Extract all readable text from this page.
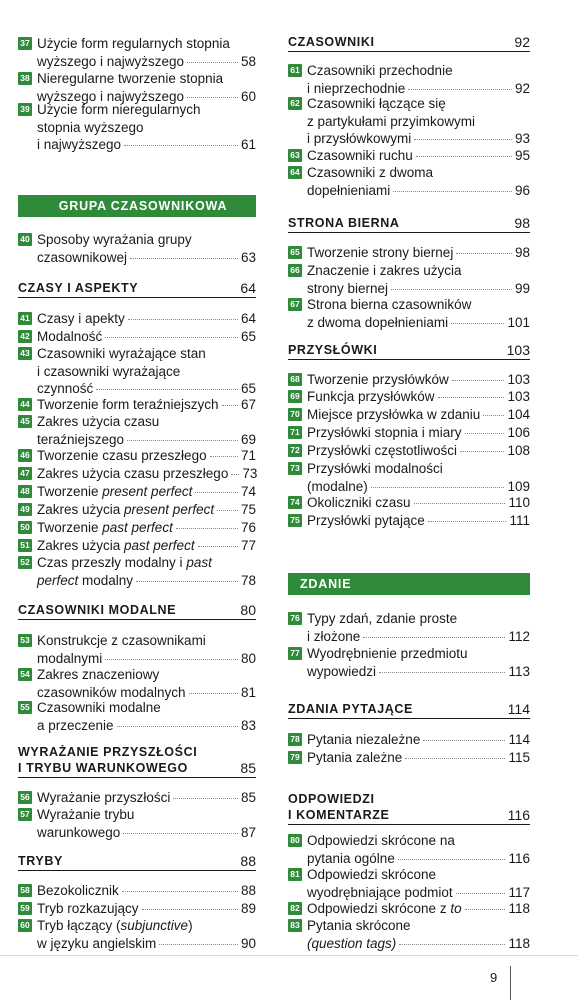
37 Użycie form regularnych stopnia
wyższego i najwyższego	58
38 Nieregularne tworzenie stopnia
wyższego i najwyższego	60
39 Użycie form nieregularnych
stopnia wyższego
i najwyższego	61
GRUPA CZASOWNIKOWA
40 Sposoby wyrażania grupy
czasownikowej	63
CZASY I ASPEKTY	64
41 Czasy i apekty	64
42 Modalność	65
43 Czasowniki wyrażające stan
i czasowniki wyrażające
czynność	65
44 Tworzenie form teraźniejszych 67
45 Zakres użycia czasu
teraźniejszego	69
46 Tworzenie czasu przeszłego	71
47 Zakres użycia czasu przeszłego 73
48 Tworzenie present perfect	74
49 Zakres użycia present perfect 75
50 Tworzenie past perfect	76
51 Zakres użycia past perfect	77
52 Czas przeszły modalny i past
perfect modalny	78
CZASOWNIKI MODALNE	80
53 Konstrukcje z czasownikami
modalnymi	80
54 Zakres znaczeniowy
czasowników modalnych	81
55 Czasowniki modalne
a przeczenie	83
WYRAŻANIE PRZYSZŁOŚCI
I TRYBU WARUNKOWEGO	85
56 Wyrażanie przyszłości	85
57 Wyrażanie trybu
warunkowego	87
TRYBY	88
58 Bezokolicznik	88
59 Tryb rozkazujący	89
60 Tryb łączący (subjunctive)
w języku angielskim	90
CZASOWNIKI	92
61 Czasowniki przechodnie
i nieprzechodnie	92
62 Czasowniki łączące się
z partykułami przyimkowymi
i przysłówkowymi	93
63 Czasowniki ruchu	95
64 Czasowniki z dwoma
dopełnieniami	96
STRONA BIERNA	98
65 Tworzenie strony biernej	98
66 Znaczenie i zakres użycia
strony biernej	99
67 Strona bierna czasowników
z dwoma dopełnieniami	101
PRZYSŁÓWKI	103
68 Tworzenie przysłówków	103
69 Funkcja przysłówków	103
70 Miejsce przysłówka w zdaniu 104
71 Przysłówki stopnia i miary	106
72 Przysłówki częstotliwości	108
73 Przysłówki modalności
(modalne)	109
74 Okoliczniki czasu	110
75 Przysłówki pytające	111
ZDANIE
76 Typy zdań, zdanie proste
i złożone	112
77 Wyodrębnienie przedmiotu
wypowiedzi	113
ZDANIA PYTAJĄCE	114
78 Pytania niezależne	114
79 Pytania zależne	115
ODPOWIEDZI
I KOMENTARZE	116
80 Odpowiedzi skrócone na
pytania ogólne	116
81 Odpowiedzi skrócone
wyodrębniające podmiot	117
82 Odpowiedzi skrócone z to	118
83 Pytania skrócone
(question tags)	118
9
